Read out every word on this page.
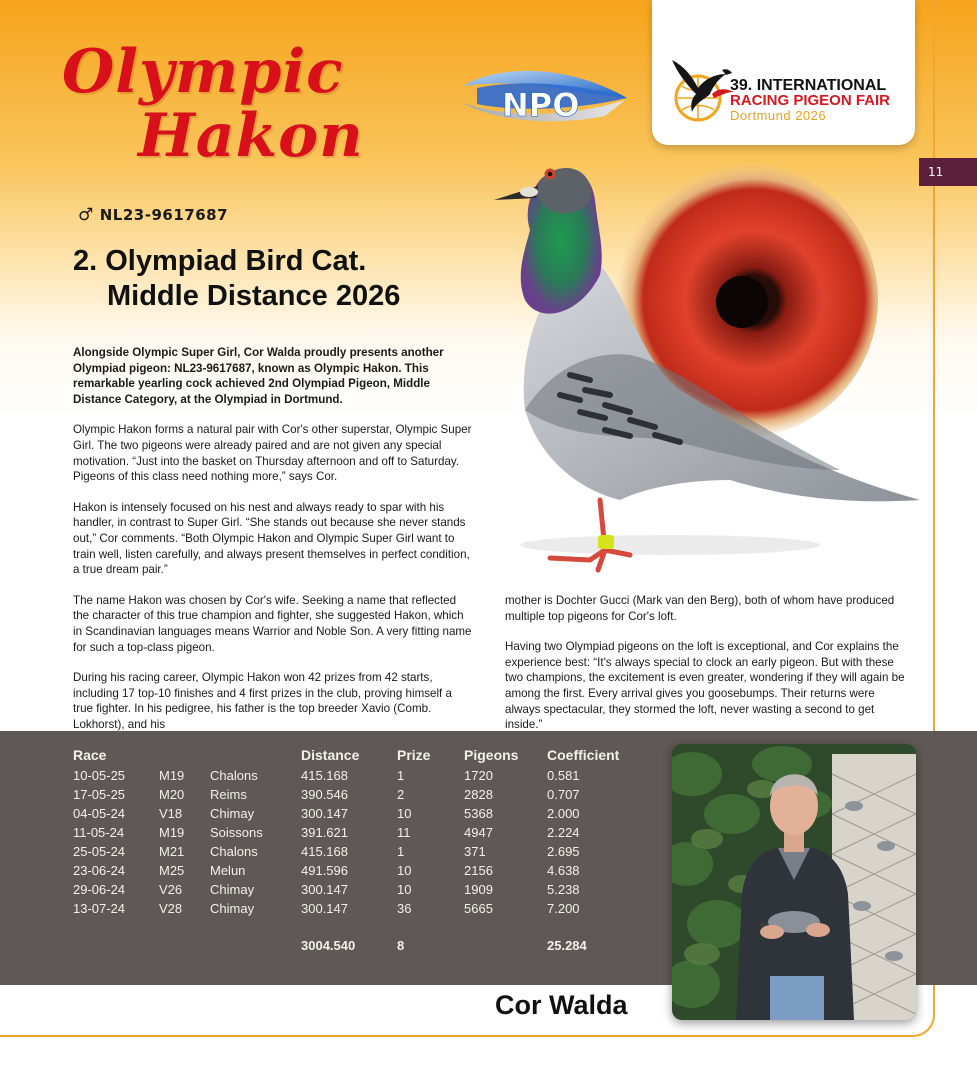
Olympic
Hakon
♂ NL23-9617687
2. Olympiad Bird Cat.
Middle Distance 2026
NPO
39. INTERNATIONAL
RACING PIGEON FAIR
Dortmund 2026
11

Alongside Olympic Super Girl, Cor Walda proudly presents another Olympiad pigeon: NL23-9617687, known as Olympic Hakon. This remarkable yearling cock achieved 2nd Olympiad Pigeon, Middle Distance Category, at the Olympiad in Dortmund.

Olympic Hakon forms a natural pair with Cor's other superstar, Olympic Super Girl. The two pigeons were already paired and are not given any special motivation. “Just into the basket on Thursday afternoon and off to Saturday. Pigeons of this class need nothing more,” says Cor.

Hakon is intensely focused on his nest and always ready to spar with his handler, in contrast to Super Girl. “She stands out because she never stands out,” Cor comments. “Both Olympic Hakon and Olympic Super Girl want to train well, listen carefully, and always present themselves in perfect condition, a true dream pair.”

The name Hakon was chosen by Cor's wife. Seeking a name that reflected the character of this true champion and fighter, she suggested Hakon, which in Scandinavian languages means Warrior and Noble Son. A very fitting name for such a top-class pigeon.

During his racing career, Olympic Hakon won 42 prizes from 42 starts, including 17 top-10 finishes and 4 first prizes in the club, proving himself a true fighter. In his pedigree, his father is the top breeder Xavio (Comb. Lokhorst), and his

mother is Dochter Gucci (Mark van den Berg), both of whom have produced multiple top pigeons for Cor's loft.

Having two Olympiad pigeons on the loft is exceptional, and Cor explains the experience best: “It's always special to clock an early pigeon. But with these two champions, the excitement is even greater, wondering if they will again be among the first. Every arrival gives you goosebumps. Their returns were always spectacular, they stormed the loft, never wasting a second to get inside.”

Race			Distance	Prize	Pigeons	Coefficient
10-05-25	M19	Chalons	415.168	1	1720	0.581
17-05-25	M20	Reims	390.546	2	2828	0.707
04-05-24	V18	Chimay	300.147	10	5368	2.000
11-05-24	M19	Soissons	391.621	11	4947	2.224
25-05-24	M21	Chalons	415.168	1	371	2.695
23-06-24	M25	Melun	491.596	10	2156	4.638
29-06-24	V26	Chimay	300.147	10	1909	5.238
13-07-24	V28	Chimay	300.147	36	5665	7.200
			3004.540	8		25.284
Cor Walda
